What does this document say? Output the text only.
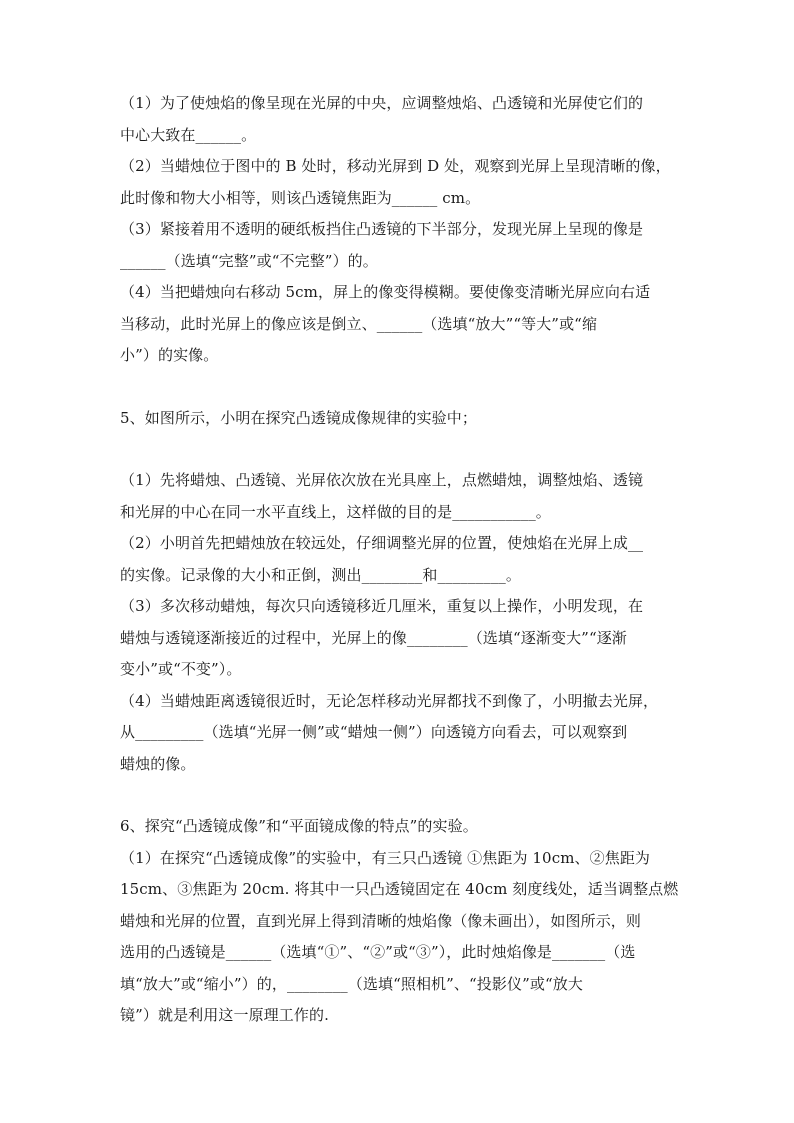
（1）为了使烛焰的像呈现在光屏的中央，应调整烛焰、凸透镜和光屏使它们的
中心大致在______。
（2）当蜡烛位于图中的 B 处时，移动光屏到 D 处，观察到光屏上呈现清晰的像，
此时像和物大小相等，则该凸透镜焦距为______ cm。
（3）紧接着用不透明的硬纸板挡住凸透镜的下半部分，发现光屏上呈现的像是
______（选填“完整”或“不完整”）的。
（4）当把蜡烛向右移动 5cm，屏上的像变得模糊。要使像变清晰光屏应向右适
当移动，此时光屏上的像应该是倒立、______（选填“放大”“等大”或“缩
小”）的实像。
5、如图所示，小明在探究凸透镜成像规律的实验中；
（1）先将蜡烛、凸透镜、光屏依次放在光具座上，点燃蜡烛，调整烛焰、透镜
和光屏的中心在同一水平直线上，这样做的目的是___________。
（2）小明首先把蜡烛放在较远处，仔细调整光屏的位置，使烛焰在光屏上成__
的实像。记录像的大小和正倒，测出________和_________。
（3）多次移动蜡烛，每次只向透镜移近几厘米，重复以上操作，小明发现，在
蜡烛与透镜逐渐接近的过程中，光屏上的像________（选填“逐渐变大”“逐渐
变小”或“不变”）。
（4）当蜡烛距离透镜很近时，无论怎样移动光屏都找不到像了，小明撤去光屏，
从_________（选填“光屏一侧”或“蜡烛一侧”）向透镜方向看去，可以观察到
蜡烛的像。
6、探究“凸透镜成像”和“平面镜成像的特点”的实验。
（1）在探究“凸透镜成像”的实验中，有三只凸透镜 ①焦距为 10cm、②焦距为
15cm、③焦距为 20cm. 将其中一只凸透镜固定在 40cm 刻度线处，适当调整点燃
蜡烛和光屏的位置，直到光屏上得到清晰的烛焰像（像未画出），如图所示，则
选用的凸透镜是______（选填“①”、“②”或“③”），此时烛焰像是_______（选
填“放大”或“缩小”）的，________（选填“照相机”、“投影仪”或“放大
镜”）就是利用这一原理工作的.
